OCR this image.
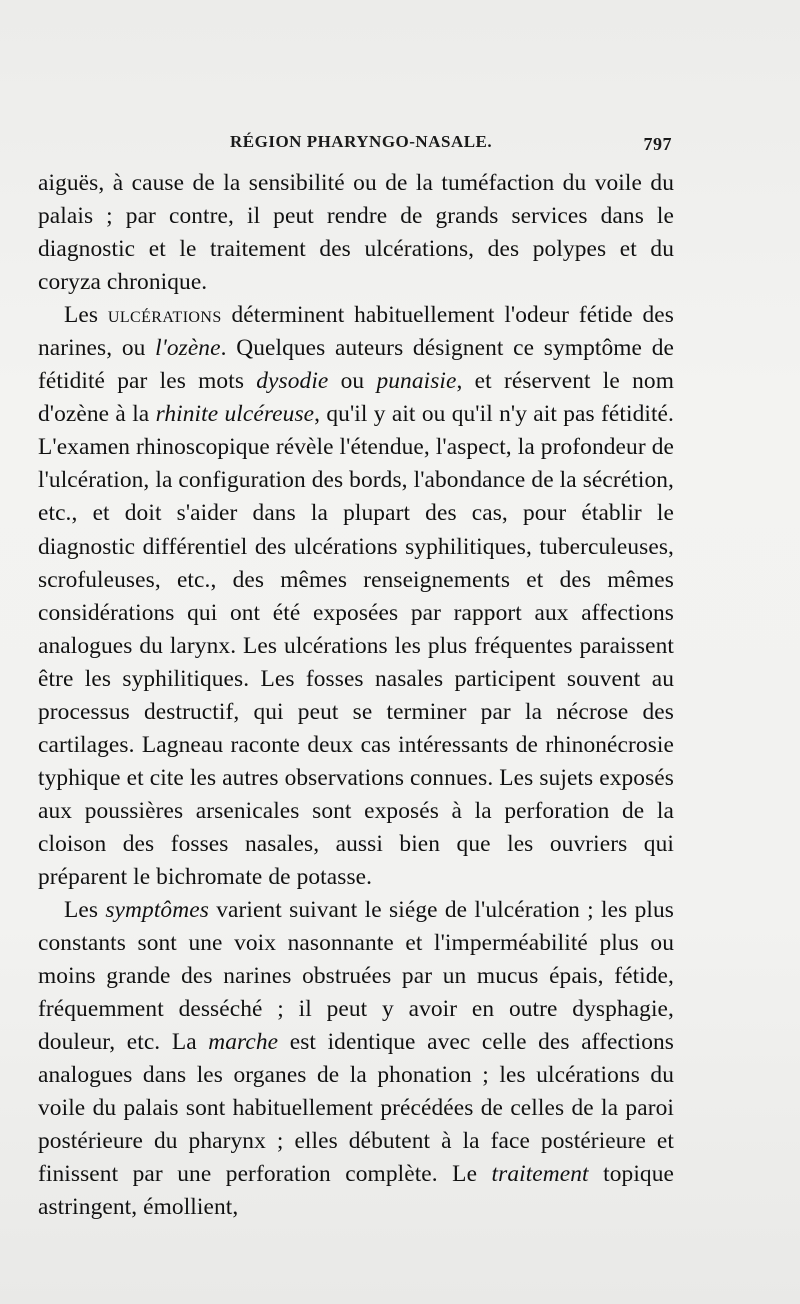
RÉGION PHARYNGO-NASALE.	797

aiguës, à cause de la sensibilité ou de la tuméfaction du voile du palais ; par contre, il peut rendre de grands services dans le diagnostic et le traitement des ulcérations, des polypes et du coryza chronique.

Les ulcérations déterminent habituellement l'odeur fétide des narines, ou l'ozène. Quelques auteurs désignent ce symptôme de fétidité par les mots dysodie ou punaisie, et réservent le nom d'ozène à la rhinite ulcéreuse, qu'il y ait ou qu'il n'y ait pas fétidité. L'examen rhinoscopique révèle l'étendue, l'aspect, la profondeur de l'ulcération, la configuration des bords, l'abondance de la sécrétion, etc., et doit s'aider dans la plupart des cas, pour établir le diagnostic différentiel des ulcérations syphilitiques, tuberculeuses, scrofuleuses, etc., des mêmes renseignements et des mêmes considérations qui ont été exposées par rapport aux affections analogues du larynx. Les ulcérations les plus fréquentes paraissent être les syphilitiques. Les fosses nasales participent souvent au processus destructif, qui peut se terminer par la nécrose des cartilages. Lagneau raconte deux cas intéressants de rhinonécrosie typhique et cite les autres observations connues. Les sujets exposés aux poussières arsenicales sont exposés à la perforation de la cloison des fosses nasales, aussi bien que les ouvriers qui préparent le bichromate de potasse.

Les symptômes varient suivant le siége de l'ulcération ; les plus constants sont une voix nasonnante et l'imperméabilité plus ou moins grande des narines obstruées par un mucus épais, fétide, fréquemment desséché ; il peut y avoir en outre dysphagie, douleur, etc. La marche est identique avec celle des affections analogues dans les organes de la phonation ; les ulcérations du voile du palais sont habituellement précédées de celles de la paroi postérieure du pharynx ; elles débutent à la face postérieure et finissent par une perforation complète. Le traitement topique astringent, émollient,
